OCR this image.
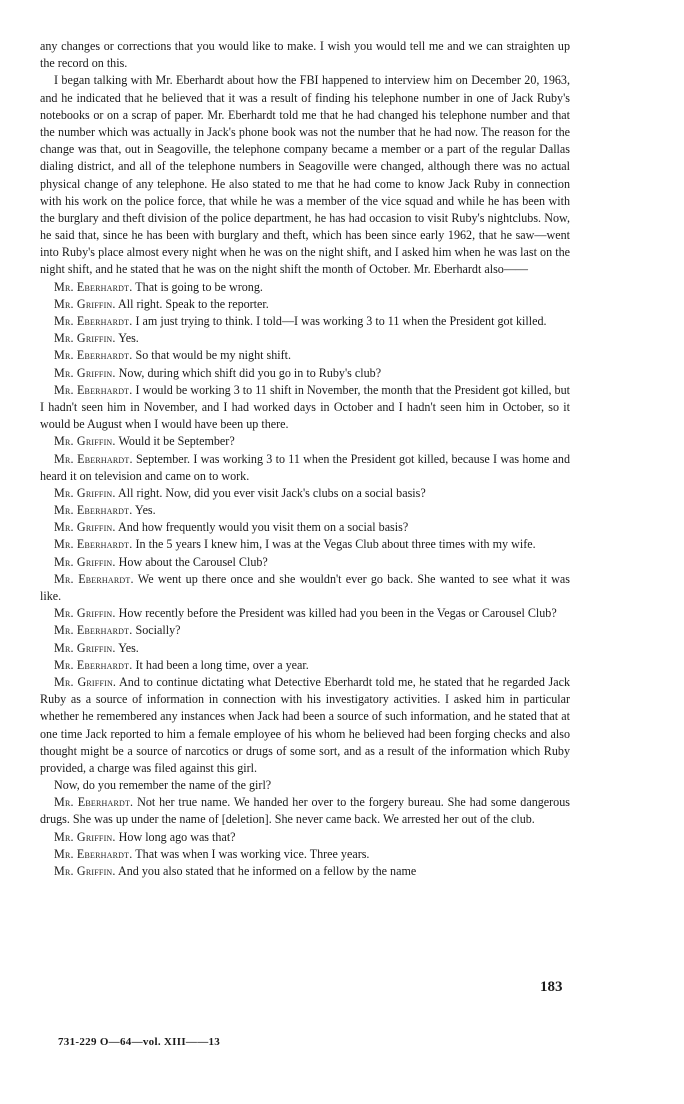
any changes or corrections that you would like to make. I wish you would tell me and we can straighten up the record on this.

I began talking with Mr. Eberhardt about how the FBI happened to interview him on December 20, 1963, and he indicated that he believed that it was a result of finding his telephone number in one of Jack Ruby's notebooks or on a scrap of paper. Mr. Eberhardt told me that he had changed his telephone number and that the number which was actually in Jack's phone book was not the number that he had now. The reason for the change was that, out in Seagoville, the telephone company became a member or a part of the regular Dallas dialing district, and all of the telephone numbers in Seagoville were changed, although there was no actual physical change of any telephone. He also stated to me that he had come to know Jack Ruby in connection with his work on the police force, that while he was a member of the vice squad and while he has been with the burglary and theft division of the police department, he has had occasion to visit Ruby's nightclubs. Now, he said that, since he has been with burglary and theft, which has been since early 1962, that he saw—went into Ruby's place almost every night when he was on the night shift, and I asked him when he was last on the night shift, and he stated that he was on the night shift the month of October. Mr. Eberhardt also——

Mr. Eberhardt. That is going to be wrong.

Mr. Griffin. All right. Speak to the reporter.

Mr. Eberhardt. I am just trying to think. I told—I was working 3 to 11 when the President got killed.

Mr. Griffin. Yes.

Mr. Eberhardt. So that would be my night shift.

Mr. Griffin. Now, during which shift did you go in to Ruby's club?

Mr. Eberhardt. I would be working 3 to 11 shift in November, the month that the President got killed, but I hadn't seen him in November, and I had worked days in October and I hadn't seen him in October, so it would be August when I would have been up there.

Mr. Griffin. Would it be September?

Mr. Eberhardt. September. I was working 3 to 11 when the President got killed, because I was home and heard it on television and came on to work.

Mr. Griffin. All right. Now, did you ever visit Jack's clubs on a social basis?

Mr. Eberhardt. Yes.

Mr. Griffin. And how frequently would you visit them on a social basis?

Mr. Eberhardt. In the 5 years I knew him, I was at the Vegas Club about three times with my wife.

Mr. Griffin. How about the Carousel Club?

Mr. Eberhardt. We went up there once and she wouldn't ever go back. She wanted to see what it was like.

Mr. Griffin. How recently before the President was killed had you been in the Vegas or Carousel Club?

Mr. Eberhardt. Socially?

Mr. Griffin. Yes.

Mr. Eberhardt. It had been a long time, over a year.

Mr. Griffin. And to continue dictating what Detective Eberhardt told me, he stated that he regarded Jack Ruby as a source of information in connection with his investigatory activities. I asked him in particular whether he remembered any instances when Jack had been a source of such information, and he stated that at one time Jack reported to him a female employee of his whom he believed had been forging checks and also thought might be a source of narcotics or drugs of some sort, and as a result of the information which Ruby provided, a charge was filed against this girl.

Now, do you remember the name of the girl?

Mr. Eberhardt. Not her true name. We handed her over to the forgery bureau. She had some dangerous drugs. She was up under the name of [deletion]. She never came back. We arrested her out of the club.

Mr. Griffin. How long ago was that?

Mr. Eberhardt. That was when I was working vice. Three years.

Mr. Griffin. And you also stated that he informed on a fellow by the name

183
731-229 O—64—vol. XIII——13
